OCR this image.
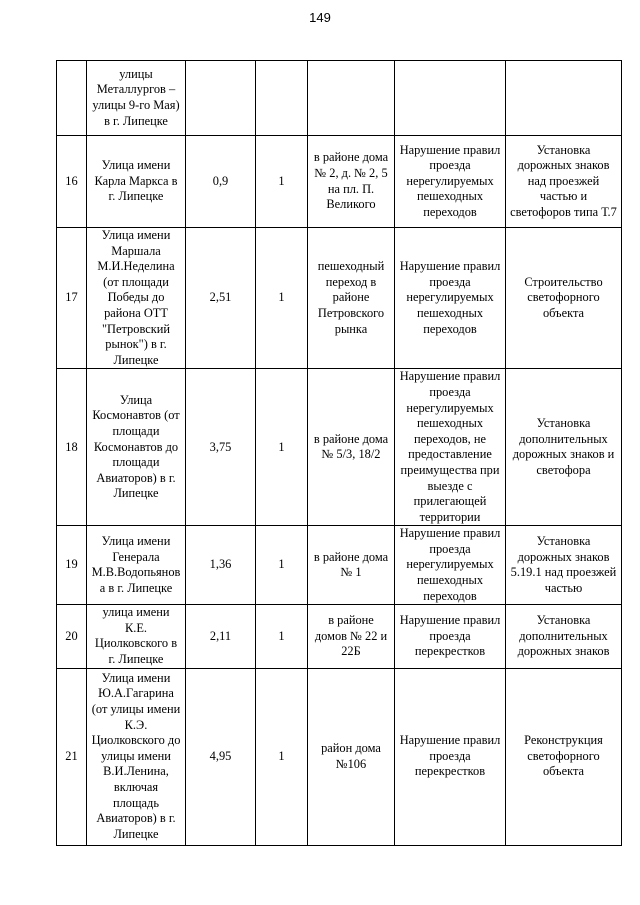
149
	улицы Металлургов – улицы 9-го Мая) в г. Липецке					
16	Улица имени Карла Маркса в г. Липецке	0,9	1	в районе дома № 2, д. № 2, 5 на пл. П. Великого	Нарушение правил проезда нерегулируемых пешеходных переходов	Установка дорожных знаков над проезжей частью и светофоров типа Т.7
17	Улица имени Маршала М.И.Неделина (от площади Победы до района ОТТ "Петровский рынок") в г. Липецке	2,51	1	пешеходный переход в районе Петровского рынка	Нарушение правил проезда нерегулируемых пешеходных переходов	Строительство светофорного объекта
18	Улица Космонавтов (от площади Космонавтов до площади Авиаторов) в г. Липецке	3,75	1	в районе дома № 5/3, 18/2	Нарушение правил проезда нерегулируемых пешеходных переходов, не предоставление преимущества при выезде с прилегающей территории	Установка дополнительных дорожных знаков и светофора
19	Улица имени Генерала М.В.Водопьянова в г. Липецке	1,36	1	в районе дома № 1	Нарушение правил проезда нерегулируемых пешеходных переходов	Установка дорожных знаков 5.19.1 над проезжей частью
20	улица имени К.Е. Циолковского в г. Липецке	2,11	1	в районе домов № 22 и 22Б	Нарушение правил проезда перекрестков	Установка дополнительных дорожных знаков
21	Улица имени Ю.А.Гагарина (от улицы имени К.Э. Циолковского до улицы имени В.И.Ленина, включая площадь Авиаторов) в г. Липецке	4,95	1	район дома №106	Нарушение правил проезда перекрестков	Реконструкция светофорного объекта
